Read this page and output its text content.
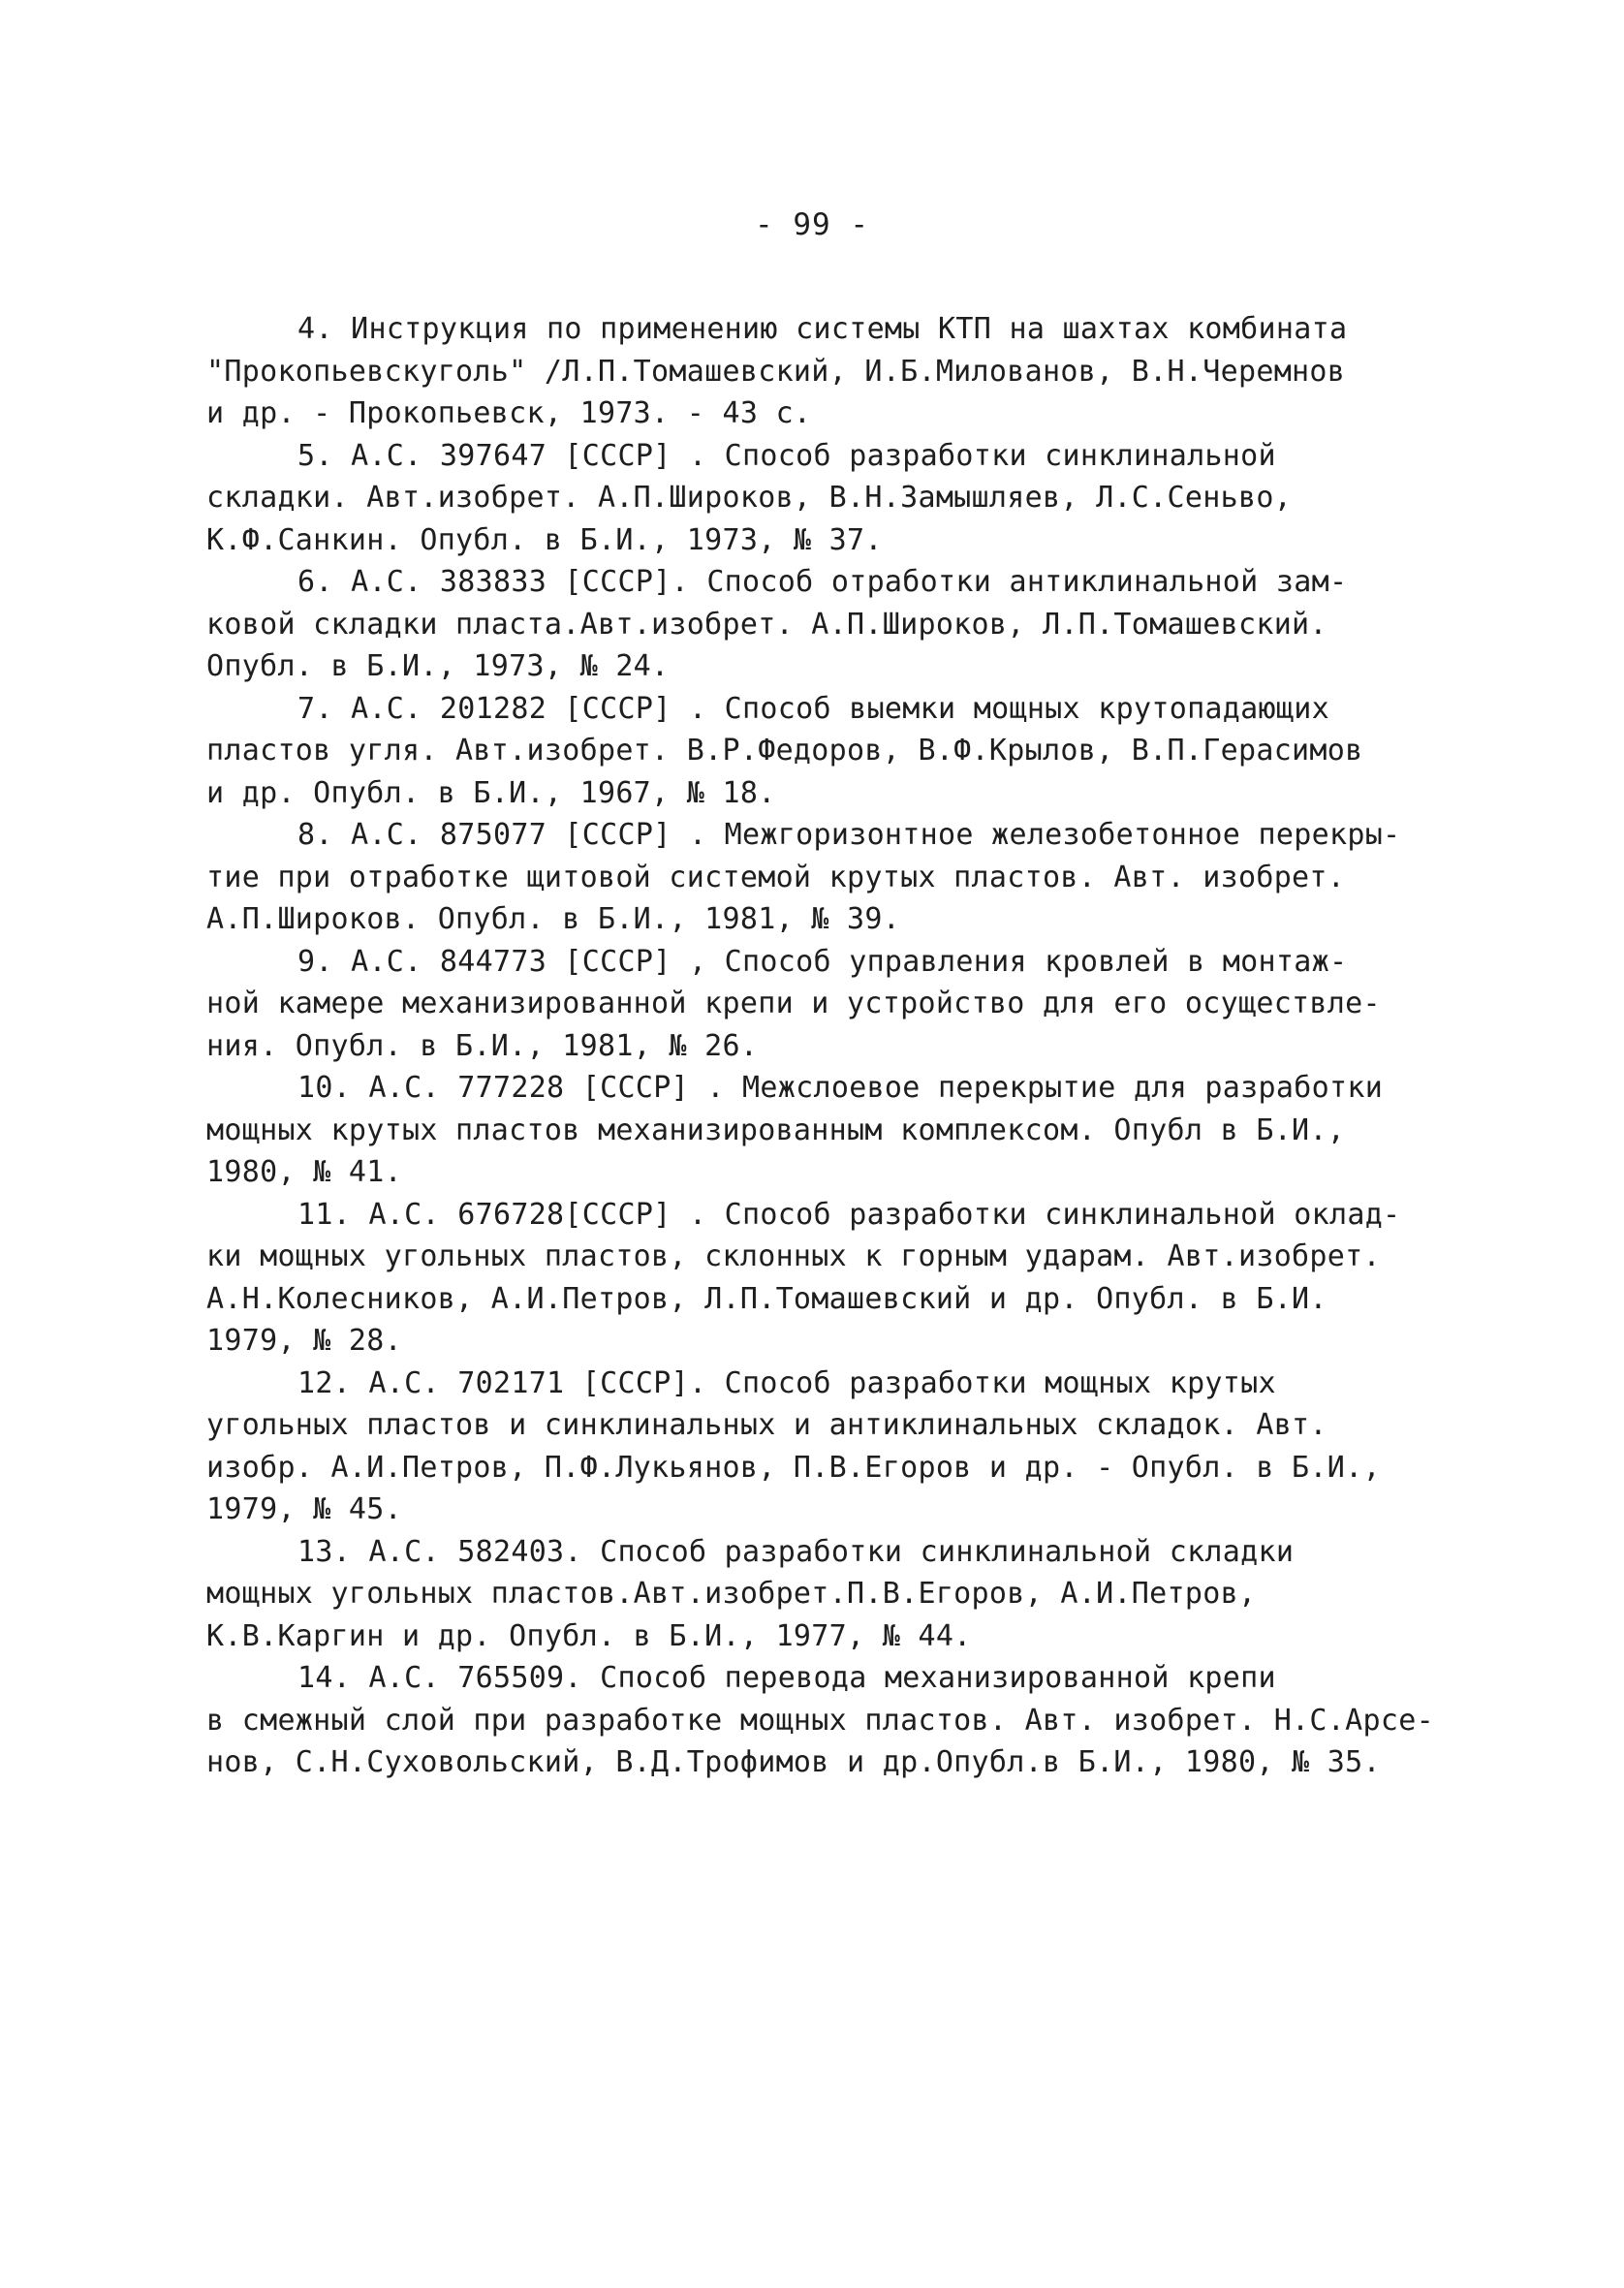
- 99 -

4. Инструкция по применению системы КТП на шахтах комбината
"Прокопьевскуголь" /Л.П.Томашевский, И.Б.Милованов, В.Н.Черемнов
и др. - Прокопьевск, 1973. - 43 с.

5. А.С. 397647 [СССР] . Способ разработки синклинальной
складки. Авт.изобрет. А.П.Широков, В.Н.Замышляев, Л.С.Сеньво,
К.Ф.Санкин. Опубл. в Б.И., 1973, № 37.

6. А.С. 383833 [СССР]. Способ отработки антиклинальной зам-
ковой складки пласта.Авт.изобрет. А.П.Широков, Л.П.Томашевский.
Опубл. в Б.И., 1973, № 24.

7. А.С. 201282 [СССР] . Способ выемки мощных крутопадающих
пластов угля. Авт.изобрет. В.Р.Федоров, В.Ф.Крылов, В.П.Герасимов
и др. Опубл. в Б.И., 1967, № 18.

8. А.С. 875077 [СССР] . Межгоризонтное железобетонное перекры-
тие при отработке щитовой системой крутых пластов. Авт. изобрет.
А.П.Широков. Опубл. в Б.И., 1981, № 39.

9. А.С. 844773 [СССР] , Способ управления кровлей в монтаж-
ной камере механизированной крепи и устройство для его осуществле-
ния. Опубл. в Б.И., 1981, № 26.

10. А.С. 777228 [СССР] . Межслоевое перекрытие для разработки
мощных крутых пластов механизированным комплексом. Опубл в Б.И.,
1980, № 41.

11. А.С. 676728[СССР] . Способ разработки синклинальной оклад-
ки мощных угольных пластов, склонных к горным ударам. Авт.изобрет.
А.Н.Колесников, А.И.Петров, Л.П.Томашевский и др. Опубл. в Б.И.
1979, № 28.

12. А.С. 702171 [СССР]. Способ разработки мощных крутых
угольных пластов и синклинальных и антиклинальных складок. Авт.
изобр. А.И.Петров, П.Ф.Лукьянов, П.В.Егоров и др. - Опубл. в Б.И.,
1979, № 45.

13. А.С. 582403. Способ разработки синклинальной складки
мощных угольных пластов.Авт.изобрет.П.В.Егоров, А.И.Петров,
К.В.Каргин и др. Опубл. в Б.И., 1977, № 44.

14. А.С. 765509. Способ перевода механизированной крепи
в смежный слой при разработке мощных пластов. Авт. изобрет. Н.С.Арсе-
нов, С.Н.Суховольский, В.Д.Трофимов и др.Опубл.в Б.И., 1980, № 35.
